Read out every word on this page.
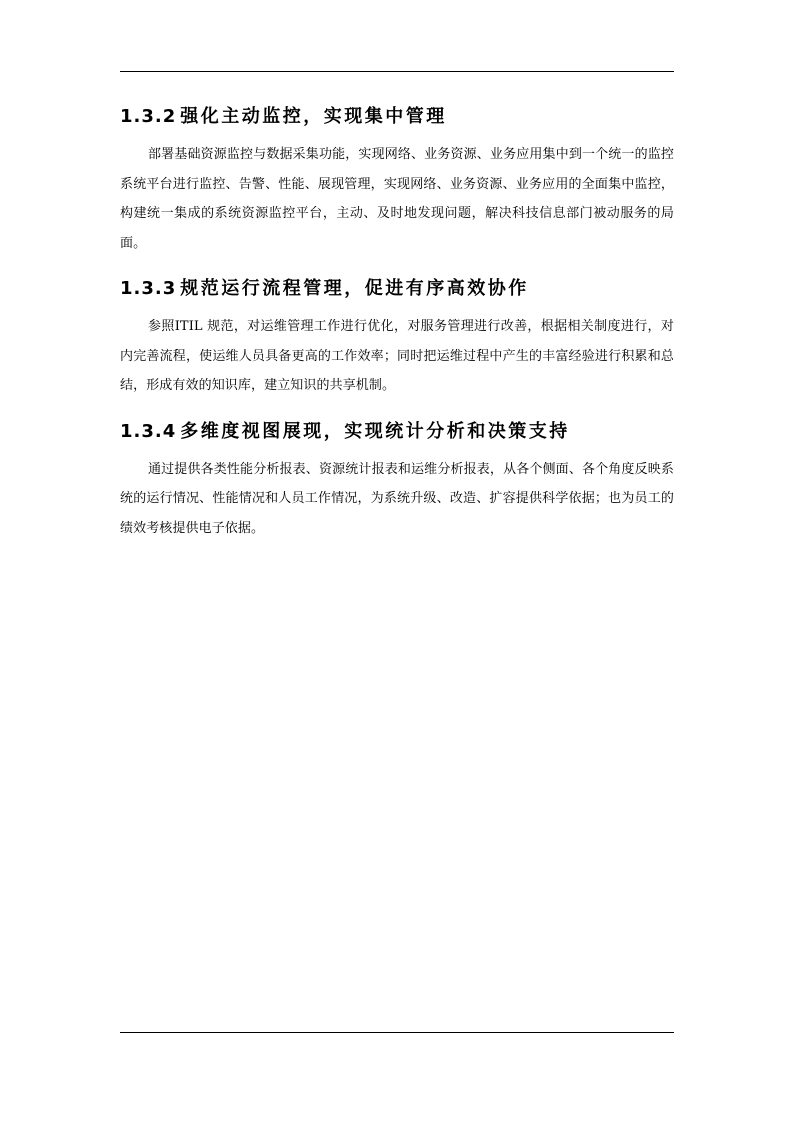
1.3.2 强化主动监控，实现集中管理

部署基础资源监控与数据采集功能，实现网络、业务资源、业务应用集中到一个统一的监控系统平台进行监控、告警、性能、展现管理，实现网络、业务资源、业务应用的全面集中监控，构建统一集成的系统资源监控平台，主动、及时地发现问题，解决科技信息部门被动服务的局面。

1.3.3 规范运行流程管理，促进有序高效协作

参照ITIL 规范，对运维管理工作进行优化，对服务管理进行改善，根据相关制度进行，对内完善流程，使运维人员具备更高的工作效率；同时把运维过程中产生的丰富经验进行积累和总结，形成有效的知识库，建立知识的共享机制。

1.3.4 多维度视图展现，实现统计分析和决策支持

通过提供各类性能分析报表、资源统计报表和运维分析报表，从各个侧面、各个角度反映系统的运行情况、性能情况和人员工作情况，为系统升级、改造、扩容提供科学依据；也为员工的绩效考核提供电子依据。
